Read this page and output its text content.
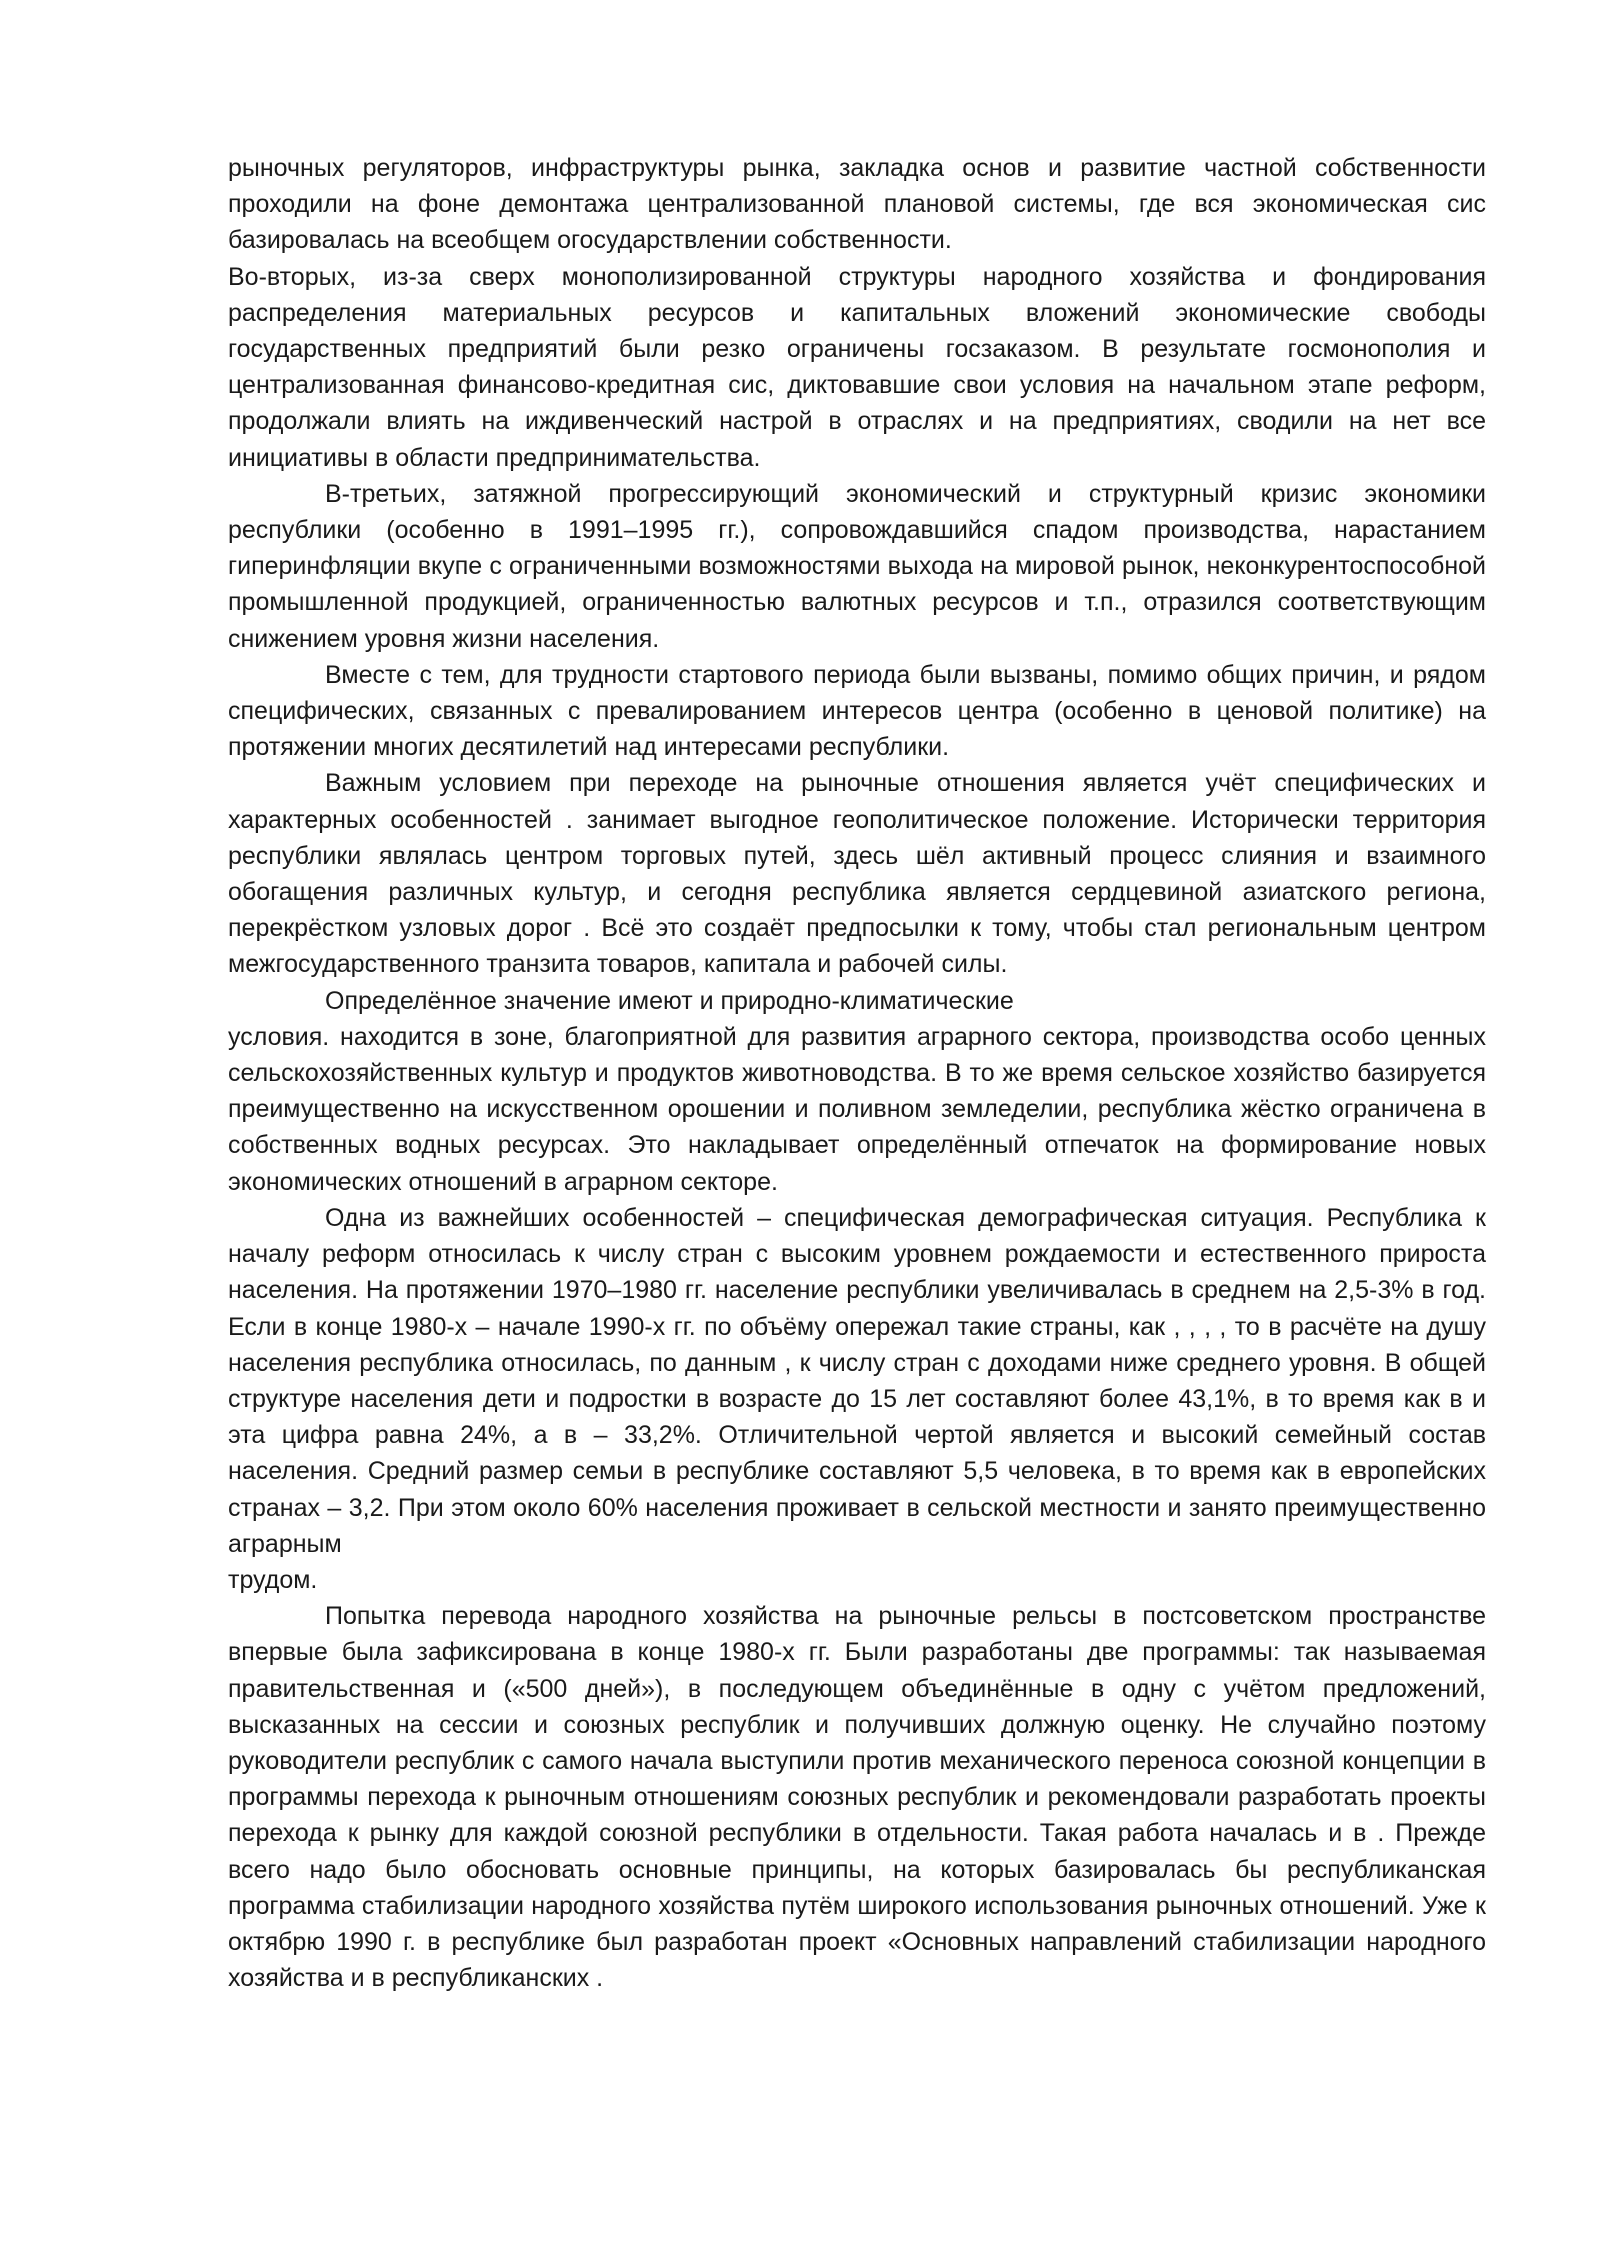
рыночных регуляторов, инфраструктуры рынка, закладка основ и развитие частной собственности проходили на фоне демонтажа централизованной плановой системы, где вся экономическая сис базировалась на всеобщем огосударствлении собственности.

Во-вторых, из-за сверх монополизированной структуры народного хозяйства и фондирования распределения материальных ресурсов и капитальных вложений экономические свободы государственных предприятий были резко ограничены госзаказом. В результате госмонополия и централизованная финансово-кредитная сис, диктовавшие свои условия на начальном этапе реформ, продолжали влиять на иждивенческий настрой в отраслях и на предприятиях, сводили на нет все инициативы в области предпринимательства.

В-третьих, затяжной прогрессирующий экономический и структурный кризис экономики республики (особенно в 1991–1995 гг.), сопровождавшийся спадом производства, нарастанием гиперинфляции вкупе с ограниченными возможностями выхода на мировой рынок, неконкурентоспособной промышленной продукцией, ограниченностью валютных ресурсов и т.п., отразился соответствующим снижением уровня жизни населения.

Вместе с тем, для трудности стартового периода были вызваны, помимо общих причин, и рядом специфических, связанных с превалированием интересов центра (особенно в ценовой политике) на протяжении многих десятилетий над интересами республики.

Важным условием при переходе на рыночные отношения является учёт специфических и характерных особенностей . занимает выгодное геополитическое положение. Исторически территория республики являлась центром торговых путей, здесь шёл активный процесс слияния и взаимного обогащения различных культур, и сегодня республика является сердцевиной азиатского региона, перекрёстком узловых дорог . Всё это создаёт предпосылки к тому, чтобы стал региональным центром межгосударственного транзита товаров, капитала и рабочей силы.

Определённое значение имеют и природно-климатические

условия. находится в зоне, благоприятной для развития аграрного сектора, производства особо ценных сельскохозяйственных культур и продуктов животноводства. В то же время сельское хозяйство базируется преимущественно на искусственном орошении и поливном земледелии, республика жёстко ограничена в собственных водных ресурсах. Это накладывает определённый отпечаток на формирование новых экономических отношений в аграрном секторе.

Одна из важнейших особенностей – специфическая демографическая ситуация. Республика к началу реформ относилась к числу стран с высоким уровнем рождаемости и естественного прироста населения. На протяжении 1970–1980 гг. население республики увеличивалась в среднем на 2,5-3% в год. Если в конце 1980-х – начале 1990-х гг. по объёму опережал такие страны, как , , , , то в расчёте на душу населения республика относилась, по данным , к числу стран с доходами ниже среднего уровня. В общей структуре населения дети и подростки в возрасте до 15 лет составляют более 43,1%, в то время как в и эта цифра равна 24%, а в – 33,2%. Отличительной чертой является и высокий семейный состав населения. Средний размер семьи в республике составляют 5,5 человека, в то время как в европейских странах – 3,2. При этом около 60% населения проживает в сельской местности и занято преимущественно аграрным

трудом.

Попытка перевода народного хозяйства на рыночные рельсы в постсоветском пространстве впервые была зафиксирована в конце 1980-х гг. Были разработаны две программы: так называемая правительственная и («500 дней»), в последующем объединённые в одну с учётом предложений, высказанных на сессии и союзных республик и получивших должную оценку. Не случайно поэтому руководители республик с самого начала выступили против механического переноса союзной концепции в программы перехода к рыночным отношениям союзных республик и рекомендовали разработать проекты перехода к рынку для каждой союзной республики в отдельности. Такая работа началась и в . Прежде всего надо было обосновать основные принципы, на которых базировалась бы республиканская программа стабилизации народного хозяйства путём широкого использования рыночных отношений. Уже к октябрю 1990 г. в республике был разработан проект «Основных направлений стабилизации народного хозяйства и в республиканских .
